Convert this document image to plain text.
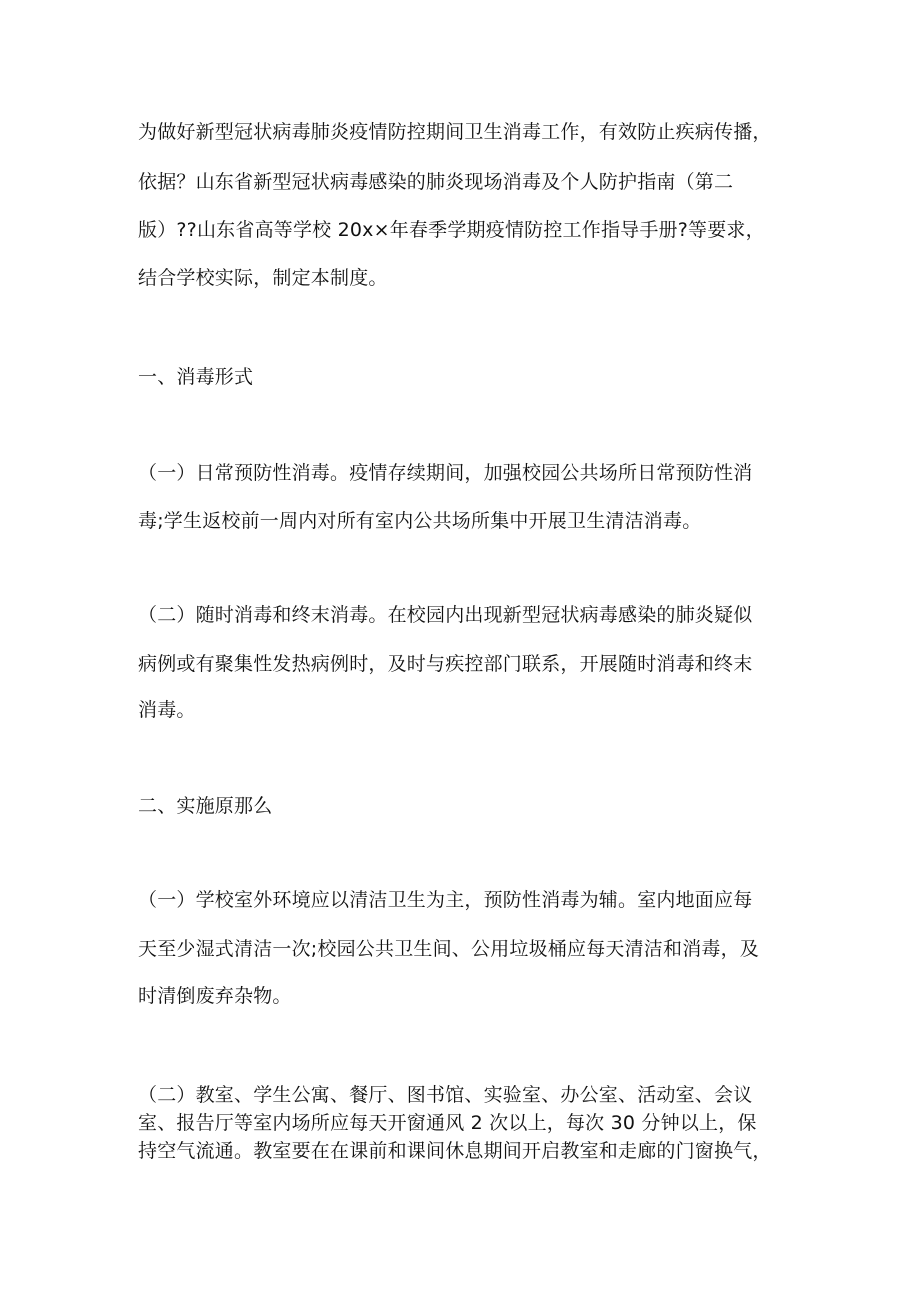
为做好新型冠状病毒肺炎疫情防控期间卫生消毒工作，有效防止疾病传播，
依据？山东省新型冠状病毒感染的肺炎现场消毒及个人防护指南（第二
版）??山东省高等学校 20x×年春季学期疫情防控工作指导手册?等要求，
结合学校实际，制定本制度。
一、消毒形式
（一）日常预防性消毒。疫情存续期间，加强校园公共场所日常预防性消
毒;学生返校前一周内对所有室内公共场所集中开展卫生清洁消毒。
（二）随时消毒和终末消毒。在校园内出现新型冠状病毒感染的肺炎疑似
病例或有聚集性发热病例时，及时与疾控部门联系，开展随时消毒和终末
消毒。
二、实施原那么
（一）学校室外环境应以清洁卫生为主，预防性消毒为辅。室内地面应每
天至少湿式清洁一次;校园公共卫生间、公用垃圾桶应每天清洁和消毒，及
时清倒废弃杂物。
（二）教室、学生公寓、餐厅、图书馆、实验室、办公室、活动室、会议
室、报告厅等室内场所应每天开窗通风 2 次以上，每次 30 分钟以上，保
持空气流通。教室要在在课前和课间休息期间开启教室和走廊的门窗换气，
